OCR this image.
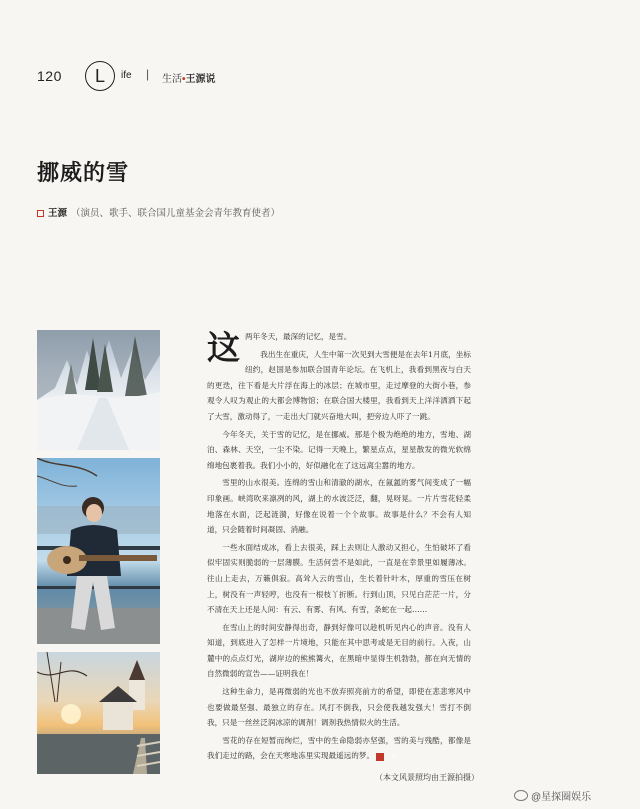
120	L	ife | 生活•王源说
挪威的雪
王源 （演员、歌手、联合国儿童基金会青年教育使者）

这两年冬天，最深的记忆，是雪。

我出生在重庆，人生中第一次见到大雪便是在去年1月底，坐标纽约，赵国是参加联合国青年论坛。在飞机上，我看到黑夜与白天的更迭，往下看是大片浮在海上的冰层；在城市里，走过摩登的大街小巷，参观令人叹为观止的大都会博物馆；在联合国大楼里，我看到天上洋洋洒洒下起了大雪，激动得了，一走出大门就兴奋地大叫，把旁边人吓了一跳。

今年冬天，关于雪的记忆，是在挪威。那是个极为绝绝的地方，雪地、湖泊、森林、天空，一尘不染。记得一天晚上，繁星点点，星星散发的微光软绵绵地包裹着我。我们小小的，好似融化在了这远离尘嚣的地方。

雪里的山水很美。连绵的雪山和清澈的湖水，在氤氲的雾气间变成了一幅印象画。峡湾吹来凛冽的风，湖上的水波泛泛，翻，晃呀晃。一片片雪花轻柔地落在水面，泛起涟漪，好像在说着一个个故事。故事是什么？不会有人知道，只会随着时间凝固、消融。

一些水面结成冰，看上去很美，踩上去则让人激动又担心，生怕破坏了看似牢固实则脆弱的一层薄膜。生活何尝不是如此，一直是在幸景里如履薄冰。往山上走去，万籁俱寂。高耸入云的雪山，生长着针叶木，厚重的雪压在树上，树没有一声轻哼，也没有一根枝丫折断。行到山顶，只见白茫茫一片，分不清在天上还是人间：有云、有雾、有风、有雪，条蛇在一起……

在雪山上的时间安静得出奇，静到好像可以趁机听见内心的声音。没有人知道，到底进入了怎样一片境地，只能在其中思考或是无目的前行。入夜，山麓中的点点灯光，湖岸边的熊熊篝火，在黑暗中显得生机勃勃，都在向无情的自然微弱的宣告——证明我在！

这种生命力，是再微弱的光也不放弃照亮前方的希望，即使在悲悲寒风中也要做最坚强、最独立的存在。风打不倒我，只会使我越发强大！雪打不倒我，只是一丝丝泛润冰凉的调剂！调剂我热情似火的生活。

雪花的存在短暂而绚烂，雪中的生命隐弱亦坚强，雪的美与残酷，都像是我们走过的路，会在天寒地冻里实现最遥远的梦。	G

（本文风景照均由王源拍摄）
@星探圈娱乐
